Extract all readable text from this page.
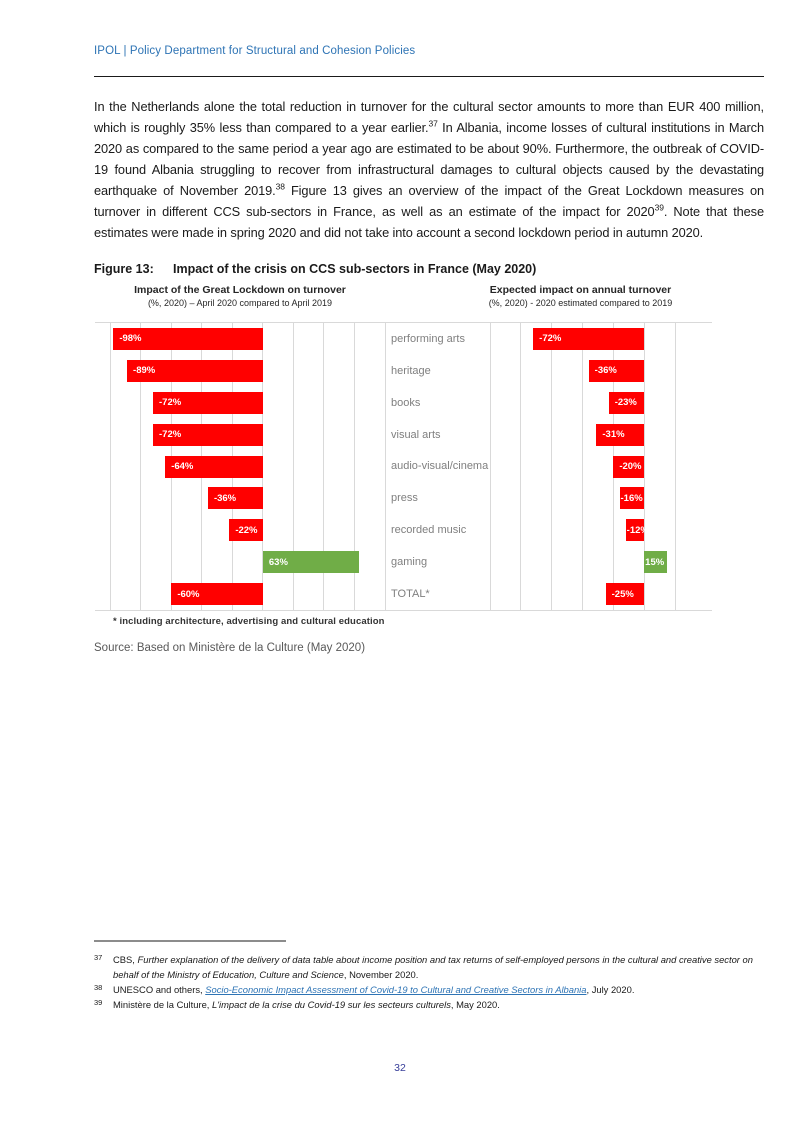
IPOL | Policy Department for Structural and Cohesion Policies

In the Netherlands alone the total reduction in turnover for the cultural sector amounts to more than EUR 400 million, which is roughly 35% less than compared to a year earlier.$^{37}$ In Albania, income losses of cultural institutions in March 2020 as compared to the same period a year ago are estimated to be about 90%. Furthermore, the outbreak of COVID-19 found Albania struggling to recover from infrastructural damages to cultural objects caused by the devastating earthquake of November 2019.38 Figure 13 gives an overview of the impact of the Great Lockdown measures on turnover in different CCS sub-sectors in France, as well as an estimate of the impact for 2020$^{39}$. Note that these estimates were made in spring 2020 and did not take into account a second lockdown period in autumn 2020.

Figure 13:	Impact of the crisis on CCS sub-sectors in France (May 2020)
Impact of the Great Lockdown on turnover
(%, 2020) – April 2020 compared to April 2019
Expected impact on annual turnover
(%, 2020) - 2020 estimated compared to 2019
-98%
-89%
-72%
-72%
-64%
-36%
-22%
63%
-60%
performing arts
heritage
books
visual arts
audio-visual/cinema
press
recorded music
gaming
TOTAL*
-72%
-36%
-23%
-31%
-20%
-16%
-12%
15%
-25%
* including architecture, advertising and cultural education
Source: Based on Ministère de la Culture (May 2020)
37 CBS, Further explanation of the delivery of data table about income position and tax returns of self-employed persons in the cultural and creative sector on behalf of the Ministry of Education, Culture and Science, November 2020.
38 UNESCO and others, Socio-Economic Impact Assessment of Covid-19 to Cultural and Creative Sectors in Albania, July 2020.
39 Ministère de la Culture, L'impact de la crise du Covid-19 sur les secteurs culturels, May 2020.
32
